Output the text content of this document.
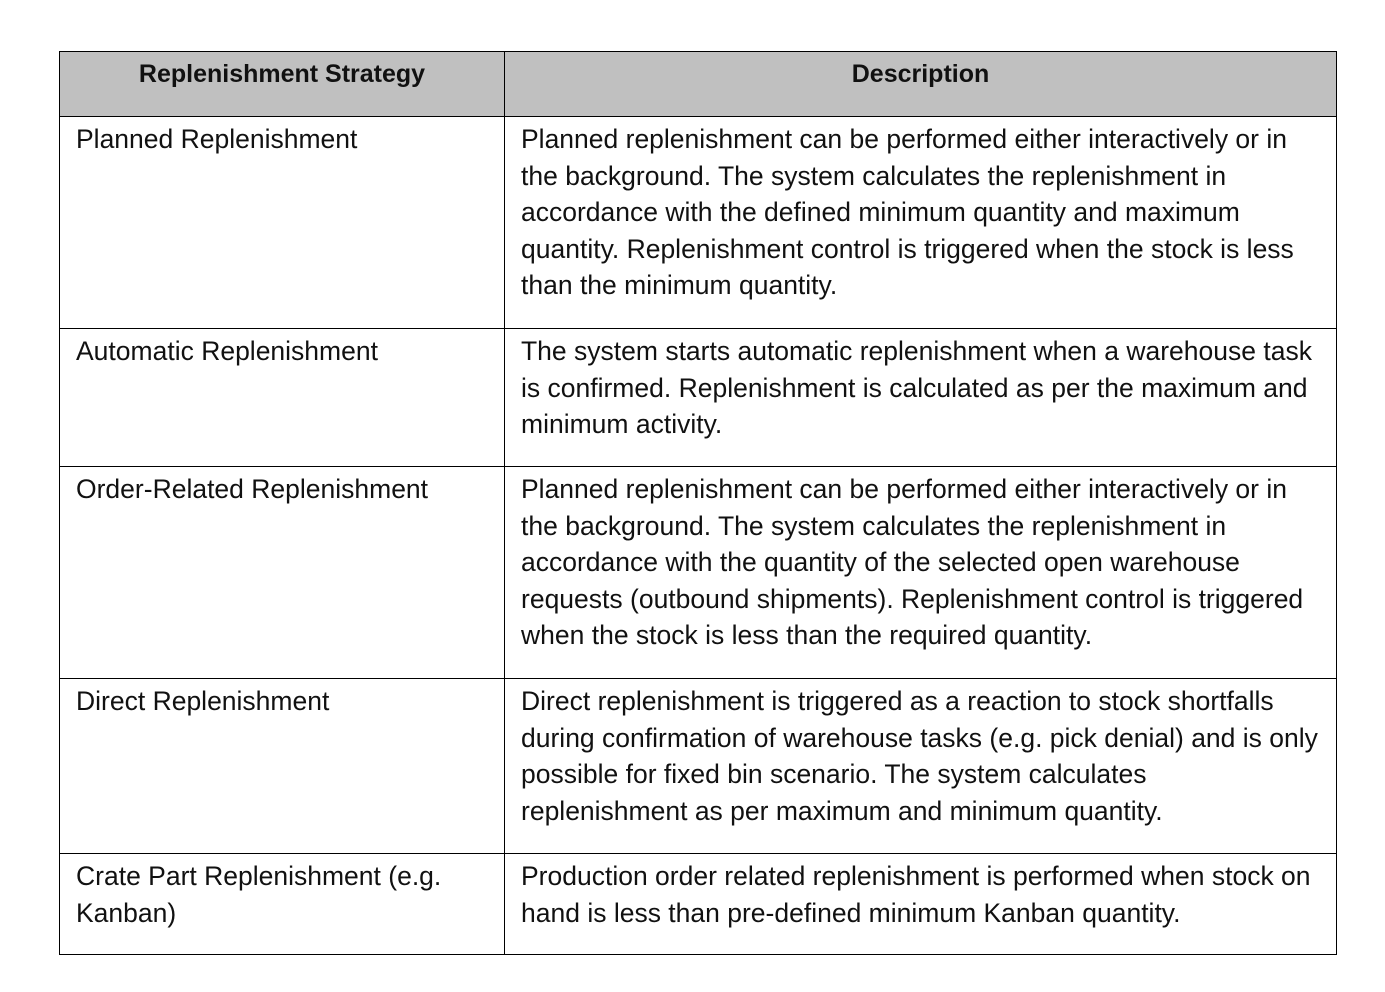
Replenishment Strategy	Description
Planned Replenishment	Planned replenishment can be performed either interactively or in the background. The system calculates the replenishment in accordance with the defined minimum quantity and maximum quantity. Replenishment control is triggered when the stock is less than the minimum quantity.
Automatic Replenishment	The system starts automatic replenishment when a warehouse task is confirmed. Replenishment is calculated as per the maximum and minimum activity.
Order-Related Replenishment	Planned replenishment can be performed either interactively or in the background. The system calculates the replenishment in accordance with the quantity of the selected open warehouse requests (outbound shipments). Replenishment control is triggered when the stock is less than the required quantity.
Direct Replenishment	Direct replenishment is triggered as a reaction to stock shortfalls during confirmation of warehouse tasks (e.g. pick denial) and is only possible for fixed bin scenario. The system calculates replenishment as per maximum and minimum quantity.
Crate Part Replenishment (e.g. Kanban)	Production order related replenishment is performed when stock on hand is less than pre-defined minimum Kanban quantity.
